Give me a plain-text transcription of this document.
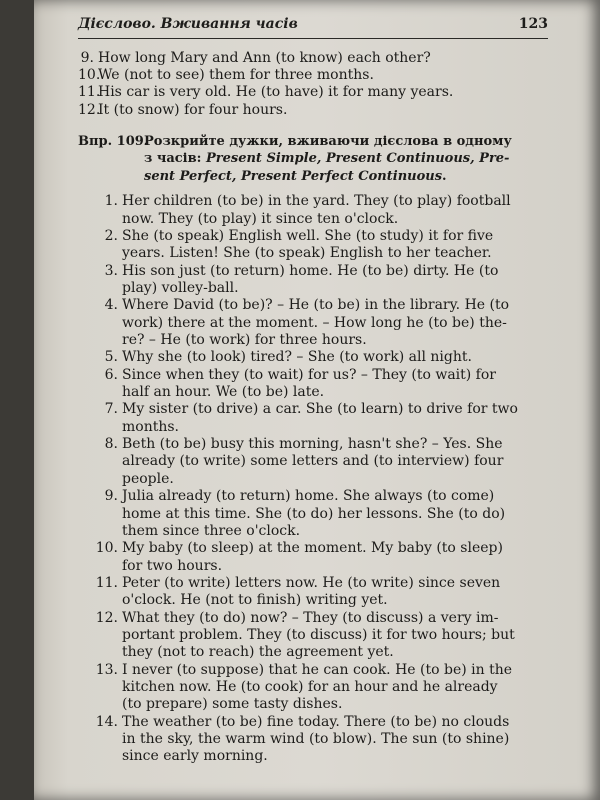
Дієслово. Вживання часів	123
9. How long Mary and Ann (to know) each other?
10.
We (not to see) them for three months.
11.
His car is very old. He (to have) it for many years.
12.
It (to snow) for four hours.
Впр. 109.
Розкрийте дужки, вживаючи дієслова в одному
з часів: Present Simple, Present Continuous, Pre-
sent Perfect, Present Perfect Continuous.
1. Her children (to be) in the yard. They (to play) football
now. They (to play) it since ten o'clock.
2. She (to speak) English well. She (to study) it for five
years. Listen! She (to speak) English to her teacher.
3. His son just (to return) home. He (to be) dirty. He (to
play) volley-ball.
4. Where David (to be)? – He (to be) in the library. He (to
work) there at the moment. – How long he (to be) the-
re? – He (to work) for three hours.
5. Why she (to look) tired? – She (to work) all night.
6. Since when they (to wait) for us? – They (to wait) for
half an hour. We (to be) late.
7. My sister (to drive) a car. She (to learn) to drive for two
months.
8. Beth (to be) busy this morning, hasn't she? – Yes. She
already (to write) some letters and (to interview) four
people.
9. Julia already (to return) home. She always (to come)
home at this time. She (to do) her lessons. She (to do)
them since three o'clock.
10. My baby (to sleep) at the moment. My baby (to sleep)
for two hours.
11. Peter (to write) letters now. He (to write) since seven
o'clock. He (not to finish) writing yet.
12. What they (to do) now? – They (to discuss) a very im-
portant problem. They (to discuss) it for two hours; but
they (not to reach) the agreement yet.
13. I never (to suppose) that he can cook. He (to be) in the
kitchen now. He (to cook) for an hour and he already
(to prepare) some tasty dishes.
14. The weather (to be) fine today. There (to be) no clouds
in the sky, the warm wind (to blow). The sun (to shine)
since early morning.
